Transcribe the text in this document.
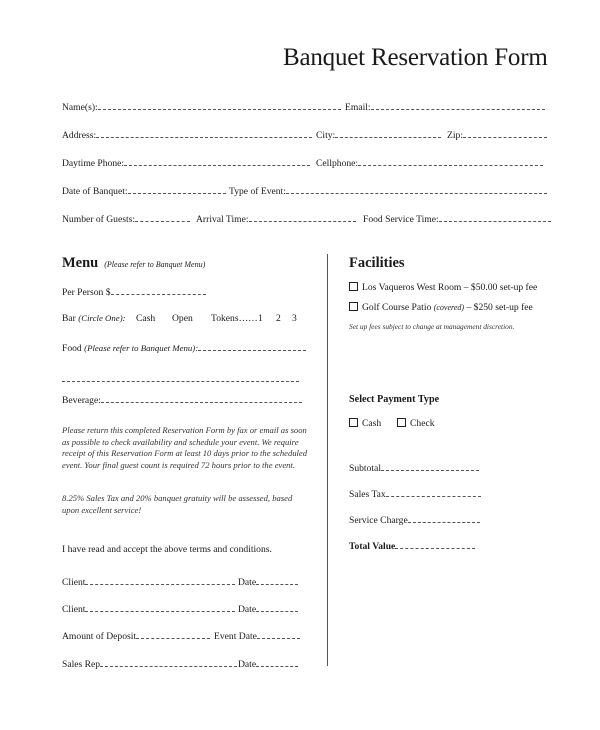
Banquet Reservation Form
Name(s):	Email:
Address:	City:	Zip:
Daytime Phone:	Cellphone:
Date of Banquet:	Type of Event:
Number of Guests:	Arrival Time:	Food Service Time:
Menu (Please refer to Banquet Menu)
Per Person $
Bar (Circle One): Cash Open Tokens…… 1 2 3
Food (Please refer to Banquet Menu):
Beverage:
Please return this completed Reservation Form by fax or email as soon as possible to check availability and schedule your event. We require receipt of this Reservation Form at least 10 days prior to the scheduled event. Your final guest count is required 72 hours prior to the event.
8.25% Sales Tax and 20% banquet gratuity will be assessed, based upon excellent service!
I have read and accept the above terms and conditions.
Client	Date
Client	Date
Amount of Deposit	Event Date
Sales Rep	Date
Facilities
Los Vaqueros West Room – $50.00 set-up fee
Golf Course Patio (covered) – $250 set-up fee
Set up fees subject to change at management discretion.
Select Payment Type
Cash	Check
Subtotal
Sales Tax
Service Charge
Total Value
